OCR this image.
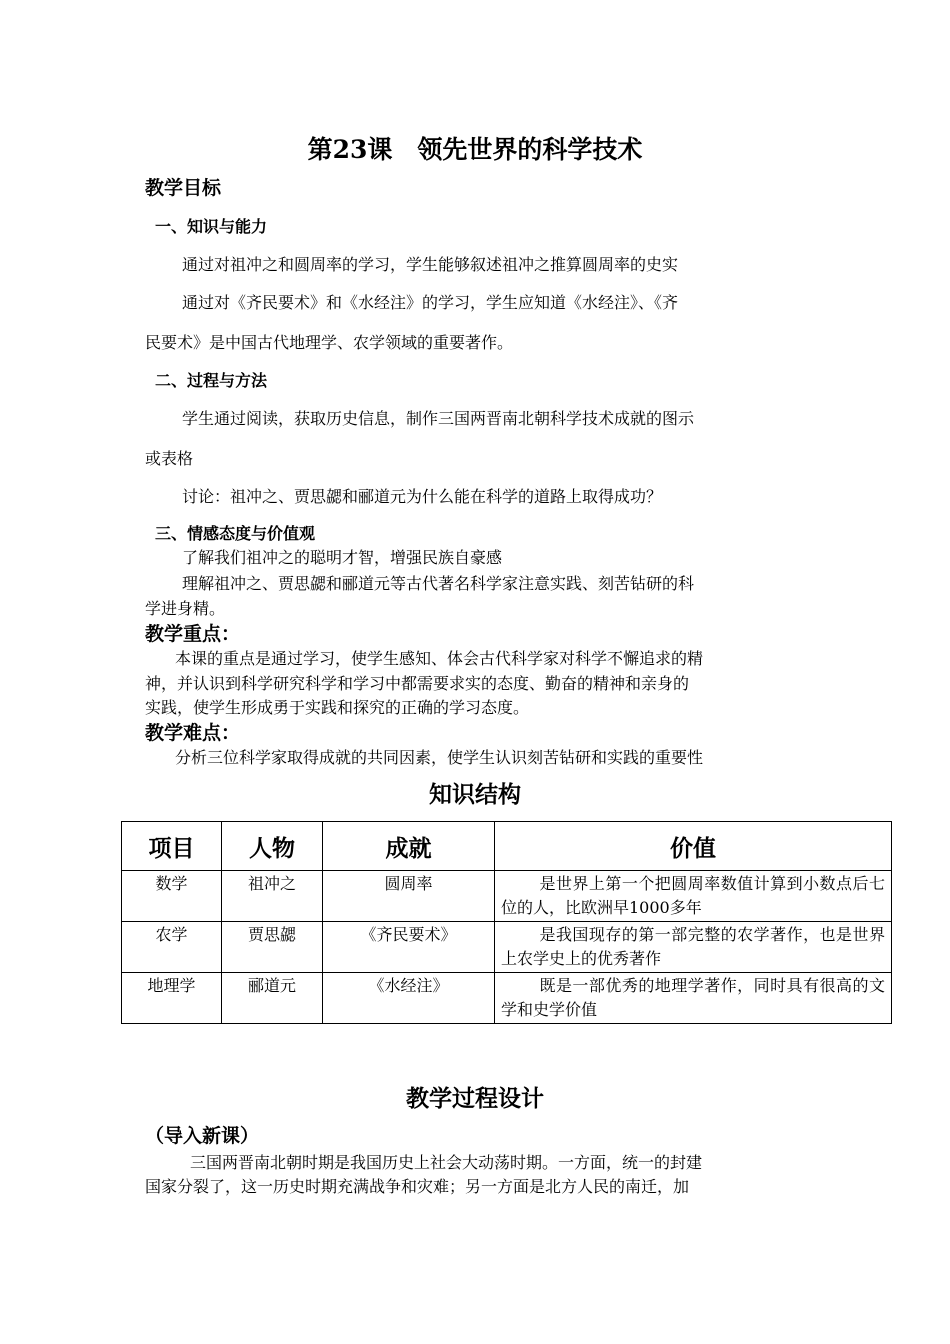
第23课　领先世界的科学技术
教学目标
一、知识与能力
通过对祖冲之和圆周率的学习，学生能够叙述祖冲之推算圆周率的史实
通过对《齐民要术》和《水经注》的学习，学生应知道《水经注》、《齐
民要术》是中国古代地理学、农学领域的重要著作。
二、过程与方法
学生通过阅读，获取历史信息，制作三国两晋南北朝科学技术成就的图示
或表格
讨论：祖冲之、贾思勰和郦道元为什么能在科学的道路上取得成功？
三、情感态度与价值观
了解我们祖冲之的聪明才智，增强民族自豪感
理解祖冲之、贾思勰和郦道元等古代著名科学家注意实践、刻苦钻研的科
学进身精。
教学重点：
本课的重点是通过学习，使学生感知、体会古代科学家对科学不懈追求的精
神，并认识到科学研究科学和学习中都需要求实的态度、勤奋的精神和亲身的
实践，使学生形成勇于实践和探究的正确的学习态度。
教学难点：
分析三位科学家取得成就的共同因素，使学生认识刻苦钻研和实践的重要性
知识结构
项目	人物	成就	价值
数学	祖冲之	圆周率	是世界上第一个把圆周率数值计算到小数点后七位的人，比欧洲早1000多年
农学	贾思勰	《齐民要术》	是我国现存的第一部完整的农学著作，也是世界上农学史上的优秀著作
地理学	郦道元	《水经注》	既是一部优秀的地理学著作，同时具有很高的文学和史学价值
教学过程设计
（导入新课）
三国两晋南北朝时期是我国历史上社会大动荡时期。一方面，统一的封建
国家分裂了，这一历史时期充满战争和灾难；另一方面是北方人民的南迁，加
